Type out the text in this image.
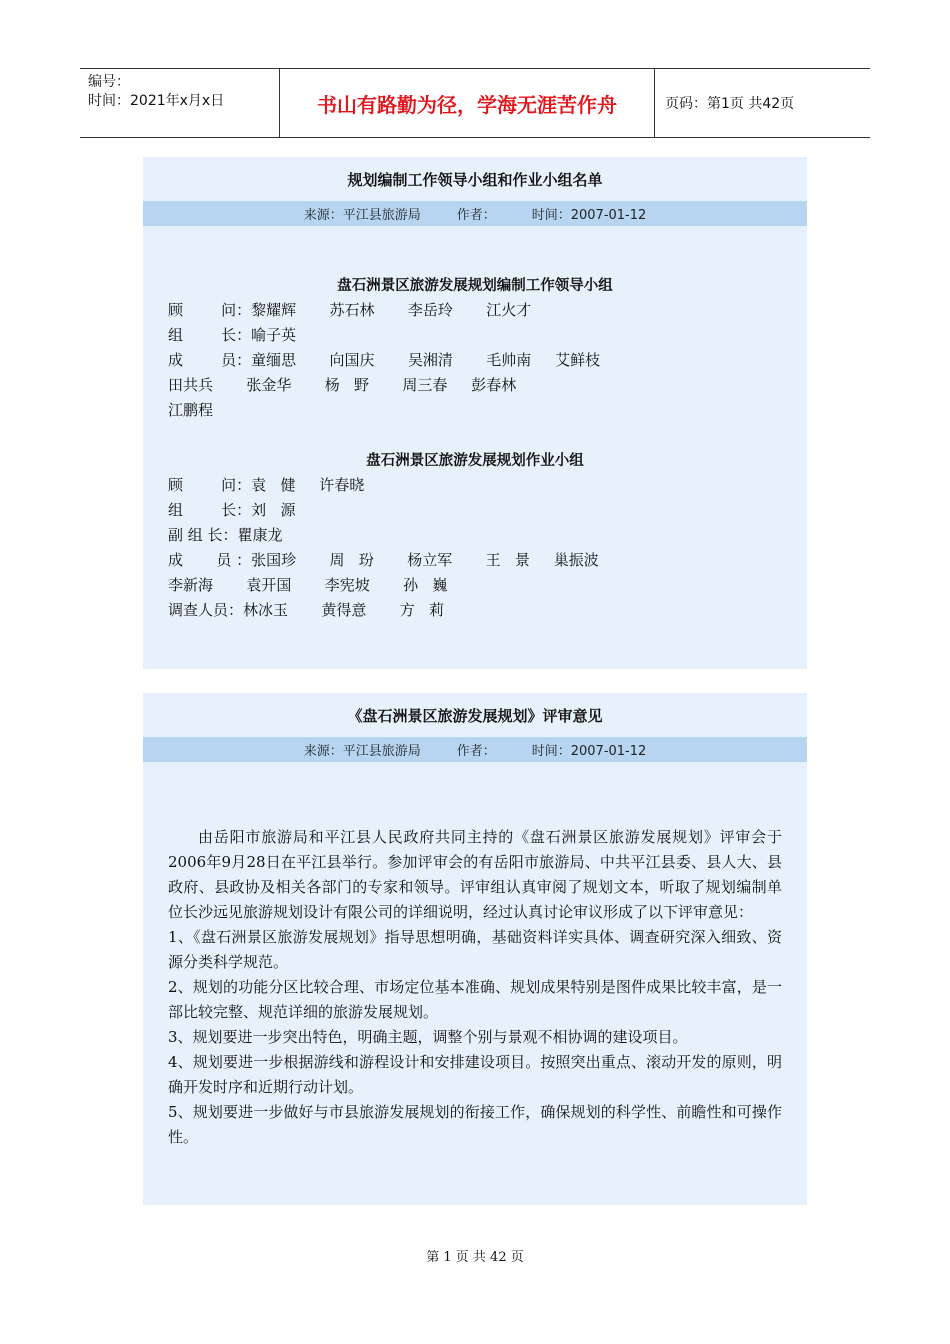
编号：
时间：2021年x月x日	书山有路勤为径，学海无涯苦作舟	页码：第1页 共42页
规划编制工作领导小组和作业小组名单
来源：平江县旅游局	作者：	时间：2007-01-12
盘石洲景区旅游发展规划编制工作领导小组
顾        问：黎耀辉       苏石林       李岳玲       江火才
组        长：喻子英
成        员：童缅思       向国庆       吴湘清       毛帅南     艾鲜枝
田共兵       张金华       杨   野       周三春     彭春林
江鹏程
盘石洲景区旅游发展规划作业小组
顾        问：袁   健     许春晓
组        长：刘   源
副 组 长：瞿康龙
成       员 ：张国珍       周   玢       杨立军       王   景     巢振波
李新海       袁开国       李宪坡       孙   巍
调查人员：林冰玉       黄得意       方   莉
《盘石洲景区旅游发展规划》评审意见
来源：平江县旅游局	作者：	时间：2007-01-12
由岳阳市旅游局和平江县人民政府共同主持的《盘石洲景区旅游发展规划》评审会于2006年9月28日在平江县举行。参加评审会的有岳阳市旅游局、中共平江县委、县人大、县政府、县政协及相关各部门的专家和领导。评审组认真审阅了规划文本，听取了规划编制单位长沙远见旅游规划设计有限公司的详细说明，经过认真讨论审议形成了以下评审意见：
1、《盘石洲景区旅游发展规划》指导思想明确，基础资料详实具体、调查研究深入细致、资源分类科学规范。
2、规划的功能分区比较合理、市场定位基本准确、规划成果特别是图件成果比较丰富，是一部比较完整、规范详细的旅游发展规划。
3、规划要进一步突出特色，明确主题，调整个别与景观不相协调的建设项目。
4、规划要进一步根据游线和游程设计和安排建设项目。按照突出重点、滚动开发的原则，明确开发时序和近期行动计划。
5、规划要进一步做好与市县旅游发展规划的衔接工作，确保规划的科学性、前瞻性和可操作性。
第 1 页 共 42 页
